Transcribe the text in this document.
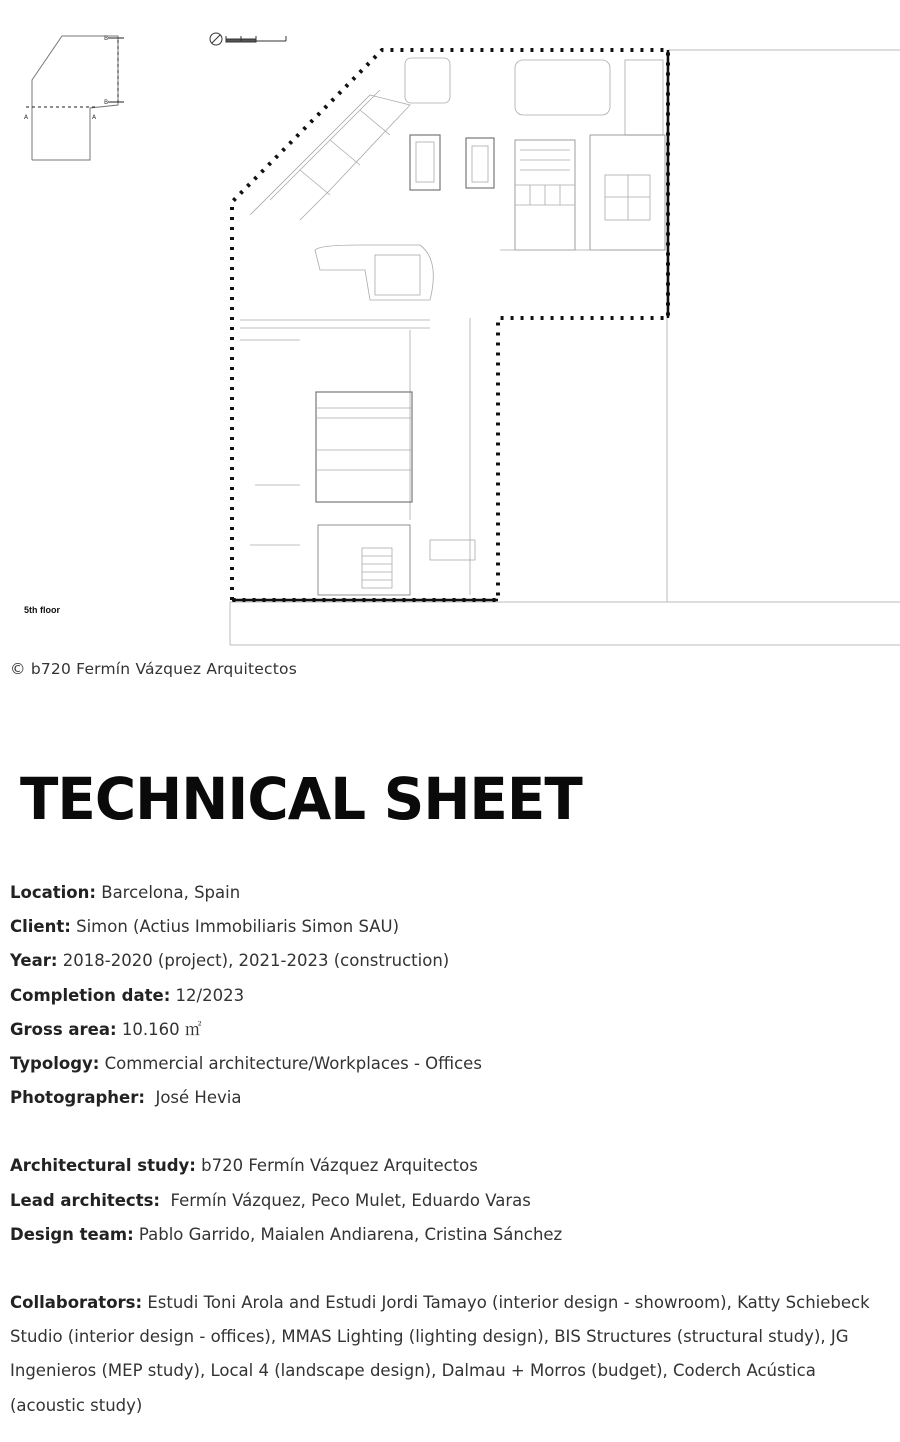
B
B
A	A
5th floor
© b720 Fermín Vázquez Arquitectos
TECHNICAL SHEET
Location: Barcelona, Spain
Client: Simon (Actius Immobiliaris Simon SAU)
Year: 2018-2020 (project), 2021-2023 (construction)
Completion date: 12/2023
Gross area: 10.160 ㎡
Typology: Commercial architecture/Workplaces - Offices
Photographer:  José Hevia
Architectural study: b720 Fermín Vázquez Arquitectos
Lead architects:  Fermín Vázquez, Peco Mulet, Eduardo Varas
Design team: Pablo Garrido, Maialen Andiarena, Cristina Sánchez
Collaborators: Estudi Toni Arola and Estudi Jordi Tamayo (interior design - showroom), Katty Schiebeck Studio (interior design - offices), MMAS Lighting (lighting design), BIS Structures (structural study), JG Ingenieros (MEP study), Local 4 (landscape design), Dalmau + Morros (budget), Coderch Acústica (acoustic study)
